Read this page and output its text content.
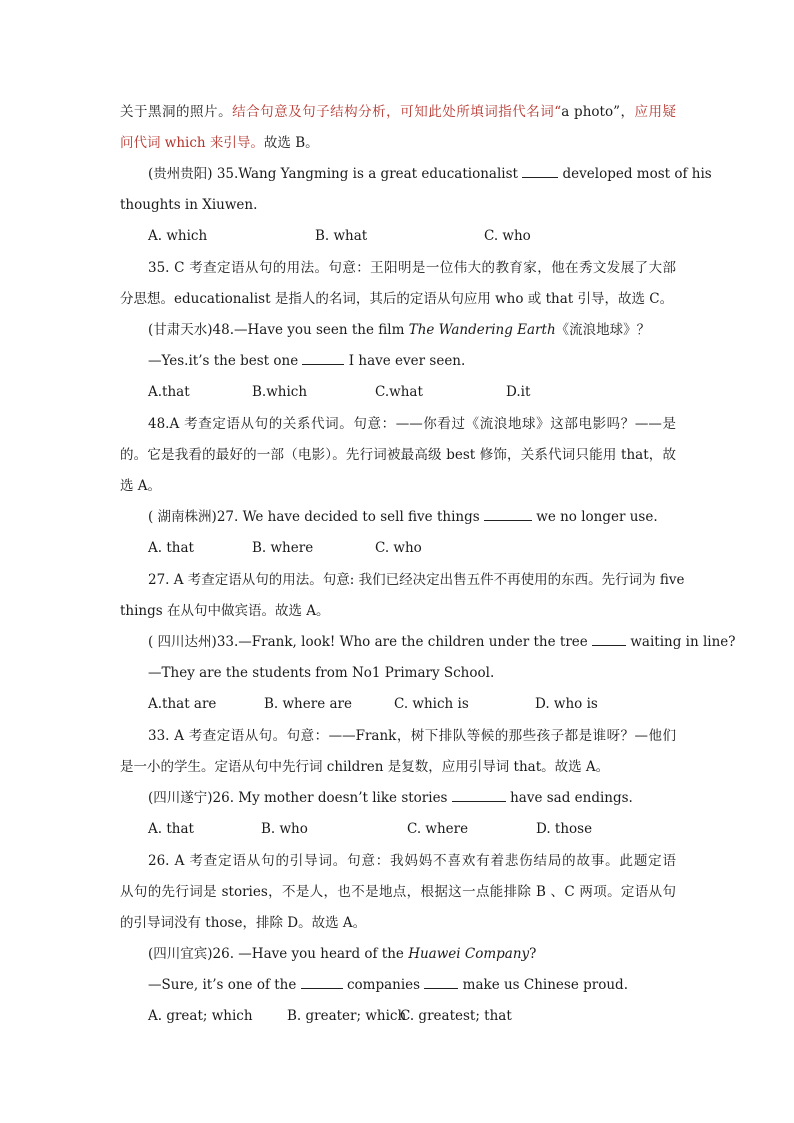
关于黑洞的照片。结合句意及句子结构分析，可知此处所填词指代名词“a photo”，应用疑
问代词 which 来引导。故选 B。
(贵州贵阳) 35.Wang Yangming is a great educationalist	developed most of his
thoughts in Xiuwen.
A. which	B. what	C. who
35. C 考查定语从句的用法。句意：王阳明是一位伟大的教育家，他在秀文发展了大部
分思想。educationalist 是指人的名词，其后的定语从句应用 who 或 that 引导，故选 C。
(甘肃天水)48.—Have you seen the film The Wandering Earth《流浪地球》？
—Yes.it’s the best one	I have ever seen.
A.that	B.which	C.what	D.it
48.A 考查定语从句的关系代词。句意：——你看过《流浪地球》这部电影吗？——是
的。它是我看的最好的一部（电影）。先行词被最高级 best 修饰，关系代词只能用 that，故
选 A。
( 湖南株洲)27. We have decided to sell five things	we no longer use.
A. that	B. where	C. who
27. A 考查定语从句的用法。句意: 我们已经决定出售五件不再使用的东西。先行词为 five
things 在从句中做宾语。故选 A。
( 四川达州)33.—Frank, look! Who are the children under the tree	waiting in line?
—They are the students from No1 Primary School.
A.that are	B. where are	C. which is	D. who is
33. A 考查定语从句。句意：——Frank，树下排队等候的那些孩子都是谁呀？—他们
是一小的学生。定语从句中先行词 children 是复数，应用引导词 that。故选 A。
(四川遂宁)26. My mother doesn’t like stories	have sad endings.
A. that	B. who	C. where	D. those
26. A 考查定语从句的引导词。句意：我妈妈不喜欢有着悲伤结局的故事。此题定语
从句的先行词是 stories，不是人，也不是地点，根据这一点能排除 B 、C 两项。定语从句
的引导词没有 those，排除 D。故选 A。
(四川宜宾)26. —Have you heard of the Huawei Company?
—Sure, it’s one of the	companies	make us Chinese proud.
A. great; which	B. greater; which
C. greatest; that
